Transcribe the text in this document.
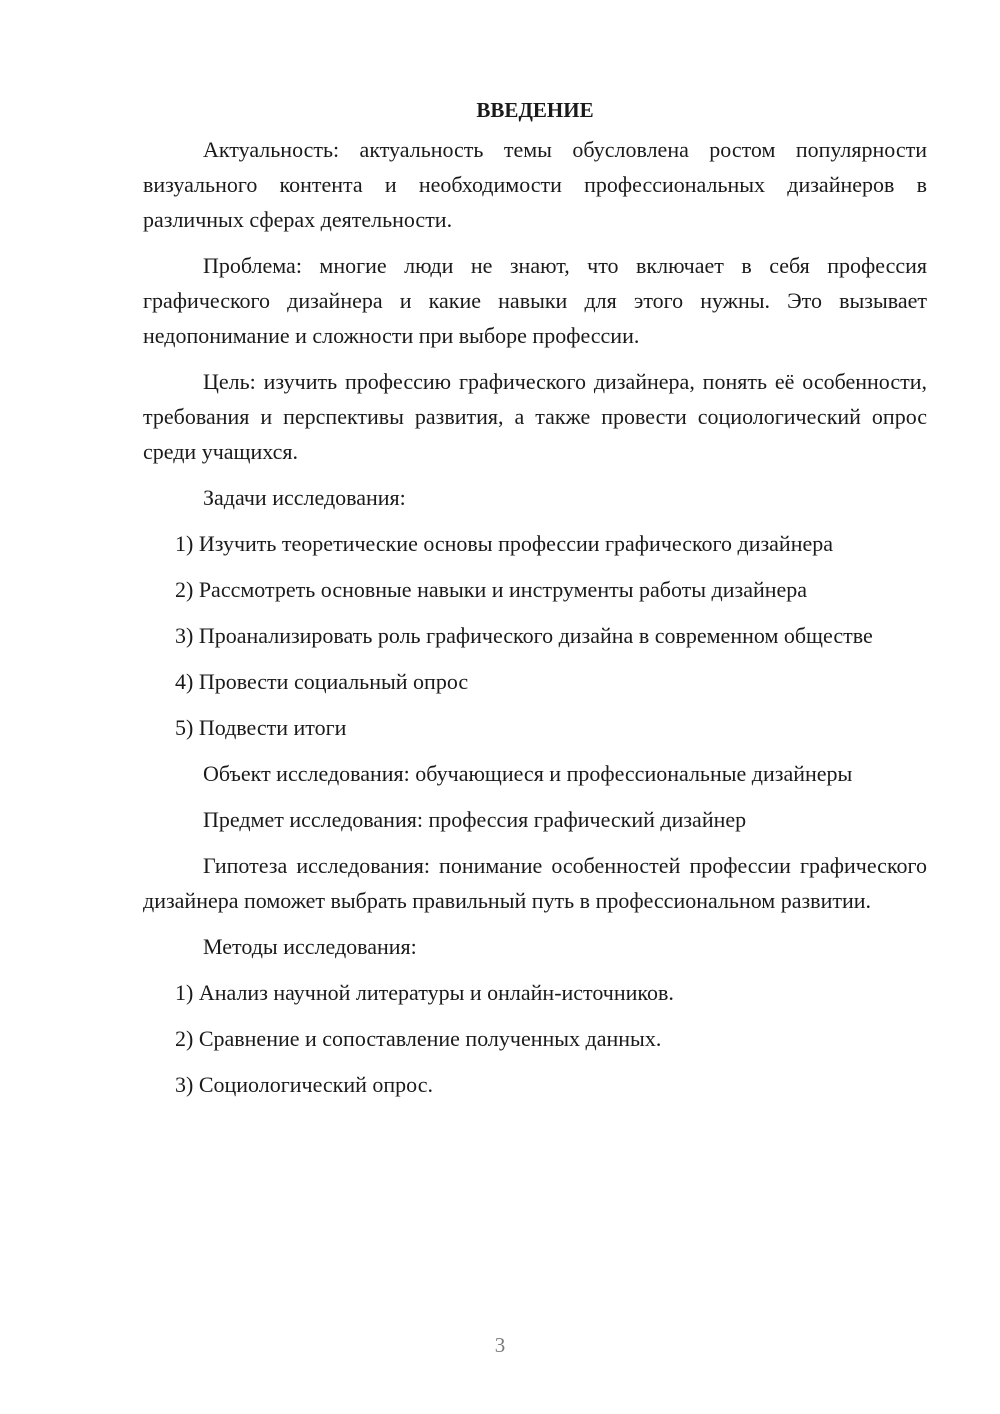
ВВЕДЕНИЕ
Актуальность: актуальность темы обусловлена ростом популярности визуального контента и необходимости профессиональных дизайнеров в различных сферах деятельности.
Проблема: многие люди не знают, что включает в себя профессия графического дизайнера и какие навыки для этого нужны. Это вызывает недопонимание и сложности при выборе профессии.
Цель: изучить профессию графического дизайнера, понять её особенности, требования и перспективы развития, а также провести социологический опрос среди учащихся.
Задачи исследования:
1) Изучить теоретические основы профессии графического дизайнера
2) Рассмотреть основные навыки и инструменты работы дизайнера
3) Проанализировать роль графического дизайна в современном обществе
4) Провести социальный опрос
5) Подвести итоги
Объект исследования: обучающиеся и профессиональные дизайнеры
Предмет исследования: профессия графический дизайнер
Гипотеза исследования: понимание особенностей профессии графического дизайнера поможет выбрать правильный путь в профессиональном развитии.
Методы исследования:
1) Анализ научной литературы и онлайн-источников.
2) Сравнение и сопоставление полученных данных.
3) Социологический опрос.
3
